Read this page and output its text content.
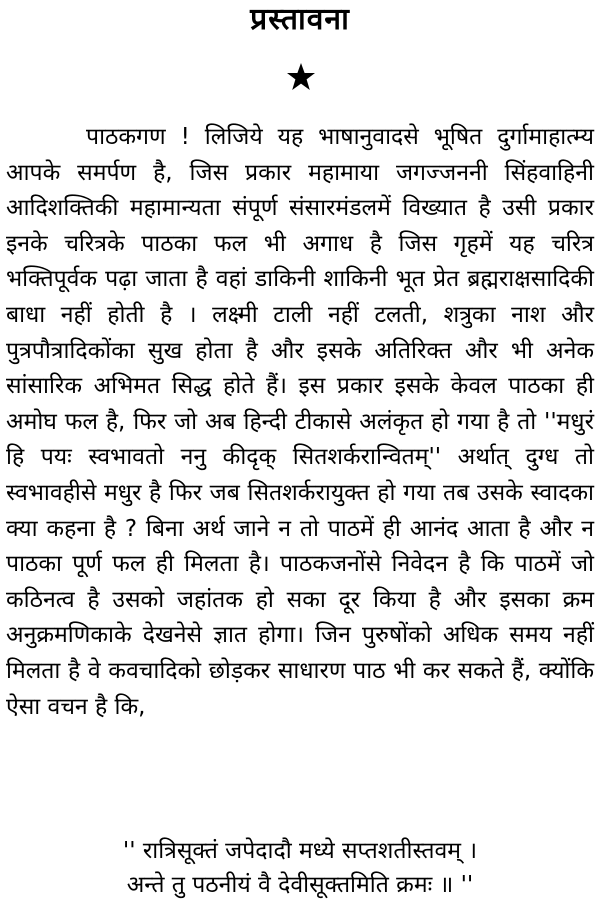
प्रस्तावना

पाठकगण ! लिजिये यह भाषानुवादसे भूषित दुर्गामाहात्म्य आपके समर्पण है, जिस प्रकार महामाया जगज्जननी सिंहवाहिनी आदिशक्तिकी महामान्यता संपूर्ण संसारमंडलमें विख्यात है उसी प्रकार इनके चरित्रके पाठका फल भी अगाध है जिस गृहमें यह चरित्र भक्तिपूर्वक पढ़ा जाता है वहां डाकिनी शाकिनी भूत प्रेत ब्रह्मराक्षसादिकी बाधा नहीं होती है । लक्ष्मी टाली नहीं टलती, शत्रुका नाश और पुत्रपौत्रादिकोंका सुख होता है और इसके अतिरिक्त और भी अनेक सांसारिक अभिमत सिद्ध होते हैं। इस प्रकार इसके केवल पाठका ही अमोघ फल है, फिर जो अब हिन्दी टीकासे अलंकृत हो गया है तो ''मधुरं हि पयः स्वभावतो ननु कीदृक् सितशर्करान्वितम्'' अर्थात् दुग्ध तो स्वभावहीसे मधुर है फिर जब सितशर्करायुक्त हो गया तब उसके स्वादका क्या कहना है ? बिना अर्थ जाने न तो पाठमें ही आनंद आता है और न पाठका पूर्ण फल ही मिलता है। पाठकजनोंसे निवेदन है कि पाठमें जो कठिनत्व है उसको जहांतक हो सका दूर किया है और इसका क्रम अनुक्रमणिकाके देखनेसे ज्ञात होगा। जिन पुरुषोंको अधिक समय नहीं मिलता है वे कवचादिको छोड़कर साधारण पाठ भी कर सकते हैं, क्योंकि ऐसा वचन है कि,

'' रात्रिसूक्तं जपेदादौ मध्ये सप्तशतीस्तवम् ।
अन्ते तु पठनीयं वै देवीसूक्तमिति क्रमः ॥ ''
